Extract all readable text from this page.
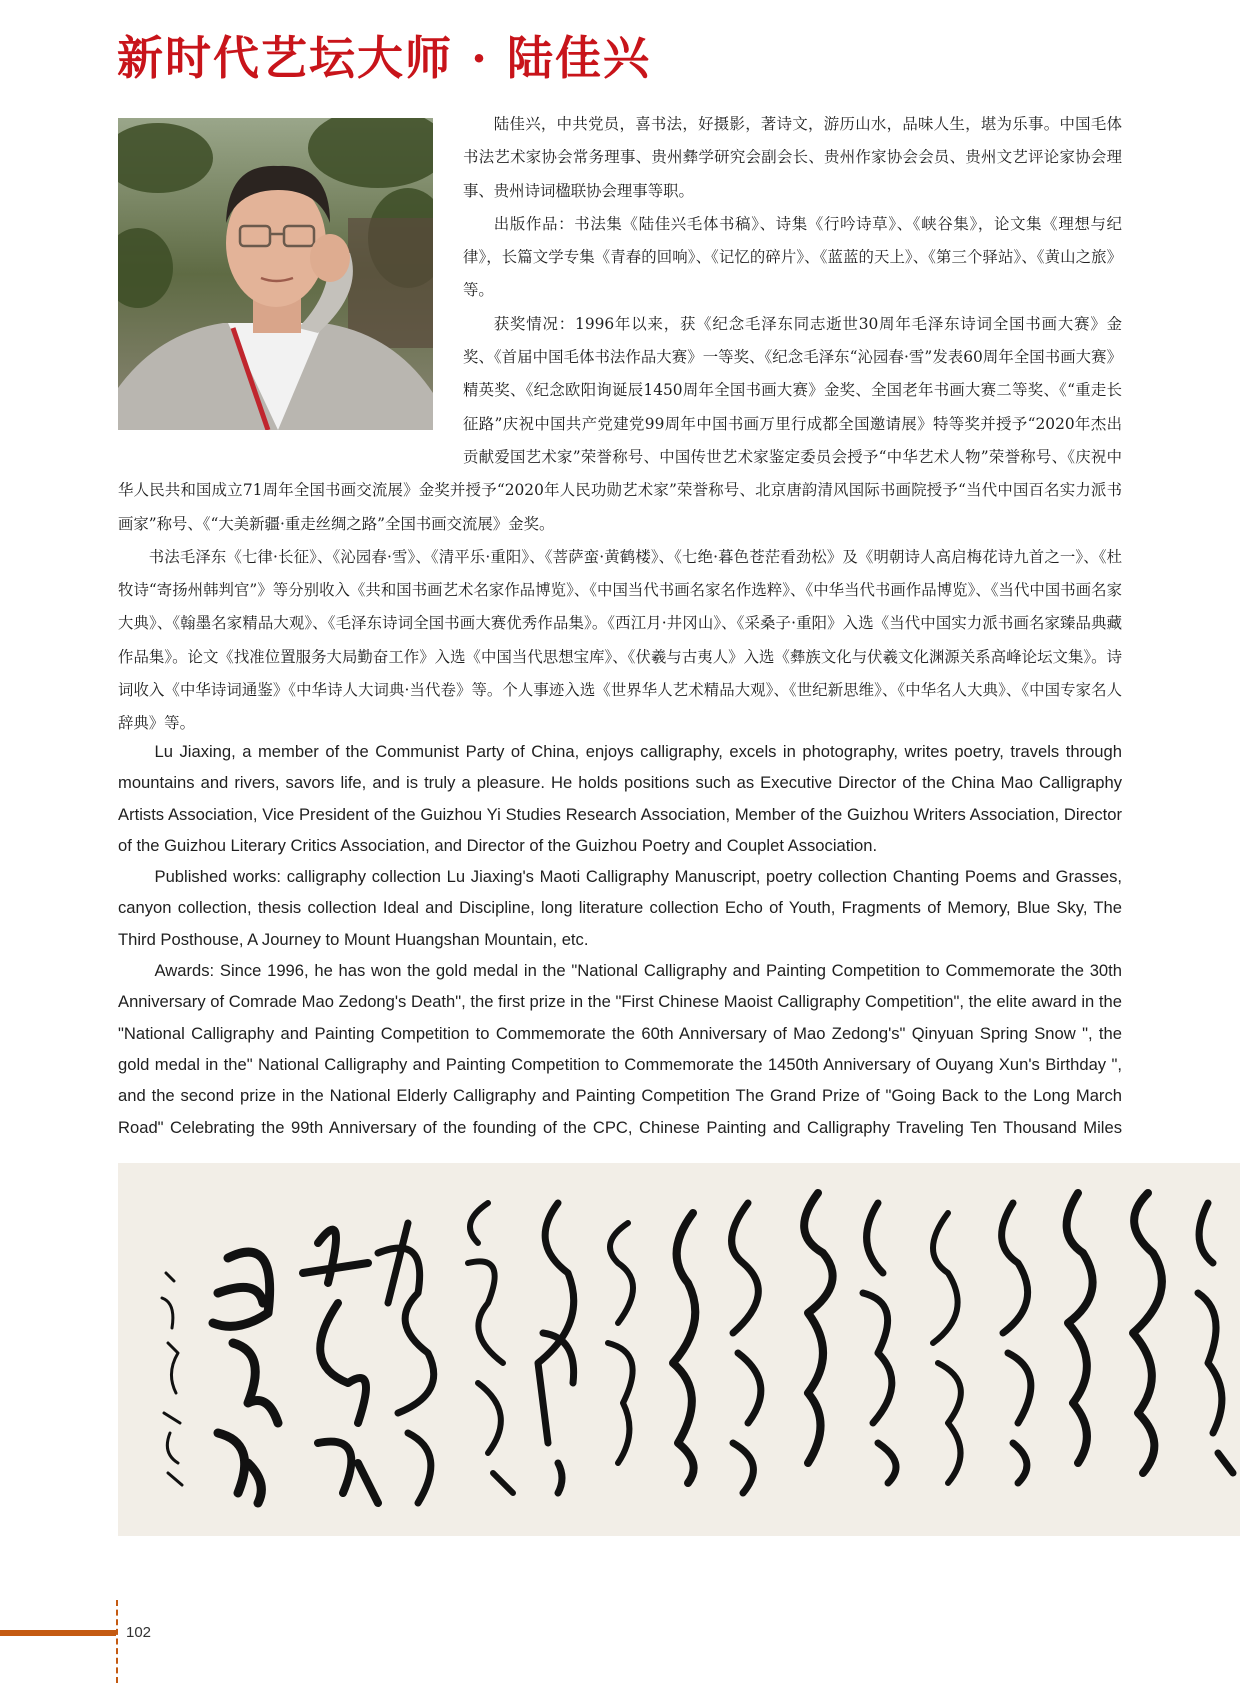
新时代艺坛大师 · 陆佳兴

陆佳兴，中共党员，喜书法，好摄影，著诗文，游历山水，品味人生，堪为乐事。中国毛体书法艺术家协会常务理事、贵州彝学研究会副会长、贵州作家协会会员、贵州文艺评论家协会理事、贵州诗词楹联协会理事等职。

出版作品：书法集《陆佳兴毛体书稿》、诗集《行吟诗草》、《峡谷集》，论文集《理想与纪律》，长篇文学专集《青春的回响》、《记忆的碎片》、《蓝蓝的天上》、《第三个驿站》、《黄山之旅》等。

获奖情况：1996年以来，获《纪念毛泽东同志逝世30周年毛泽东诗词全国书画大赛》金奖、《首届中国毛体书法作品大赛》一等奖、《纪念毛泽东“沁园春·雪”发表60周年全国书画大赛》精英奖、《纪念欧阳询诞辰1450周年全国书画大赛》金奖、全国老年书画大赛二等奖、《“重走长征路”庆祝中国共产党建党99周年中国书画万里行成都全国邀请展》特等奖并授予“2020年杰出贡献爱国艺术家”荣誉称号、中国传世艺术家鉴定委员会授予“中华艺术人物”荣誉称号、《庆祝中华人民共和国成立71周年全国书画交流展》金奖并授予“2020年人民功勋艺术家”荣誉称号、北京唐韵清风国际书画院授予“当代中国百名实力派书画家”称号、《“大美新疆·重走丝绸之路”全国书画交流展》金奖。

书法毛泽东《七律·长征》、《沁园春·雪》、《清平乐·重阳》、《菩萨蛮·黄鹤楼》、《七绝·暮色苍茫看劲松》及《明朝诗人高启梅花诗九首之一》、《杜牧诗“寄扬州韩判官”》等分别收入《共和国书画艺术名家作品博览》、《中国当代书画名家名作选粹》、《中华当代书画作品博览》、《当代中国书画名家大典》、《翰墨名家精品大观》、《毛泽东诗词全国书画大赛优秀作品集》。《西江月·井冈山》、《采桑子·重阳》入选《当代中国实力派书画名家臻品典藏作品集》。论文《找准位置服务大局勤奋工作》入选《中国当代思想宝库》、《伏羲与古夷人》入选《彝族文化与伏羲文化渊源关系高峰论坛文集》。诗词收入《中华诗词通鉴》《中华诗人大词典·当代卷》等。个人事迹入选《世界华人艺术精品大观》、《世纪新思维》、《中华名人大典》、《中国专家名人辞典》等。

Lu Jiaxing, a member of the Communist Party of China, enjoys calligraphy, excels in photography, writes poetry, travels through mountains and rivers, savors life, and is truly a pleasure. He holds positions such as Executive Director of the China Mao Calligraphy Artists Association, Vice President of the Guizhou Yi Studies Research Association, Member of the Guizhou Writers Association, Director of the Guizhou Literary Critics Association, and Director of the Guizhou Poetry and Couplet Association.

Published works: calligraphy collection Lu Jiaxing's Maoti Calligraphy Manuscript, poetry collection Chanting Poems and Grasses, canyon collection, thesis collection Ideal and Discipline, long literature collection Echo of Youth, Fragments of Memory, Blue Sky, The Third Posthouse, A Journey to Mount Huangshan Mountain, etc.

Awards: Since 1996, he has won the gold medal in the "National Calligraphy and Painting Competition to Commemorate the 30th Anniversary of Comrade Mao Zedong's Death", the first prize in the "First Chinese Maoist Calligraphy Competition", the elite award in the "National Calligraphy and Painting Competition to Commemorate the 60th Anniversary of Mao Zedong's" Qinyuan Spring Snow ", the gold medal in the" National Calligraphy and Painting Competition to Commemorate the 1450th Anniversary of Ouyang Xun's Birthday ", and the second prize in the National Elderly Calligraphy and Painting Competition The Grand Prize of "Going Back to the Long March Road" Celebrating the 99th Anniversary of the founding of the CPC, Chinese Painting and Calligraphy Traveling Ten Thousand Miles

102
